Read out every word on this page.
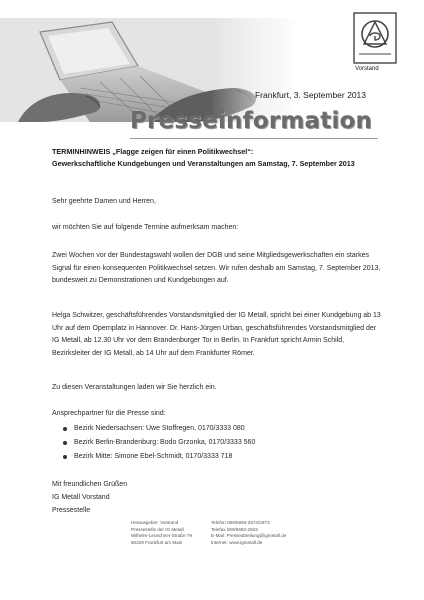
Vorstand
Frankfurt, 3. September 2013
Presseinformation
TERMINHINWEIS „Flagge zeigen für einen Politikwechsel“:
Gewerkschaftliche Kundgebungen und Veranstaltungen am Samstag, 7. September 2013
Sehr geehrte Damen und Herren,
wir möchten Sie auf folgende Termine aufmerksam machen:
Zwei Wochen vor der Bundestagswahl wollen der DGB und seine Mitgliedsgewerkschaften ein starkes Signal für einen konsequenten Politikwechsel setzen. Wir rufen deshalb am Samstag, 7. September 2013, bundesweit zu Demonstrationen und Kundgebungen auf.
Helga Schwitzer, geschäftsführendes Vorstandsmitglied der IG Metall, spricht bei einer Kundgebung ab 13 Uhr auf dem Opernplatz in Hannover. Dr. Hans-Jürgen Urban, geschäftsführendes Vorstandsmitglied der IG Metall, ab 12.30 Uhr vor dem Brandenburger Tor in Berlin. In Frankfurt spricht Armin Schild, Bezirksleiter der IG Metall, ab 14 Uhr auf dem Frankfurter Römer.
Zu diesen Veranstaltungen laden wir Sie herzlich ein.
Ansprechpartner für die Presse sind:
Bezirk Niedersachsen: Uwe Stoffregen, 0170/3333 080
Bezirk Berlin-Brandenburg: Bodo Grzonka, 0170/3333 560
Bezirk Mitte: Simone Ebel-Schmidt, 0170/3333 718
Mit freundlichen Grüßen
IG Metall Vorstand
Pressestelle
Herausgeber: Vorstand
Pressestelle der IG Metall
Wilhelm-Leuschner-Straße 79
60329 Frankfurt am Main
Telefon 069/6693-2574/2673
Telefax 069/6693-2843
E-Mail: Presseabteilung@igmetall.de
Internet: www.igmetall.de
